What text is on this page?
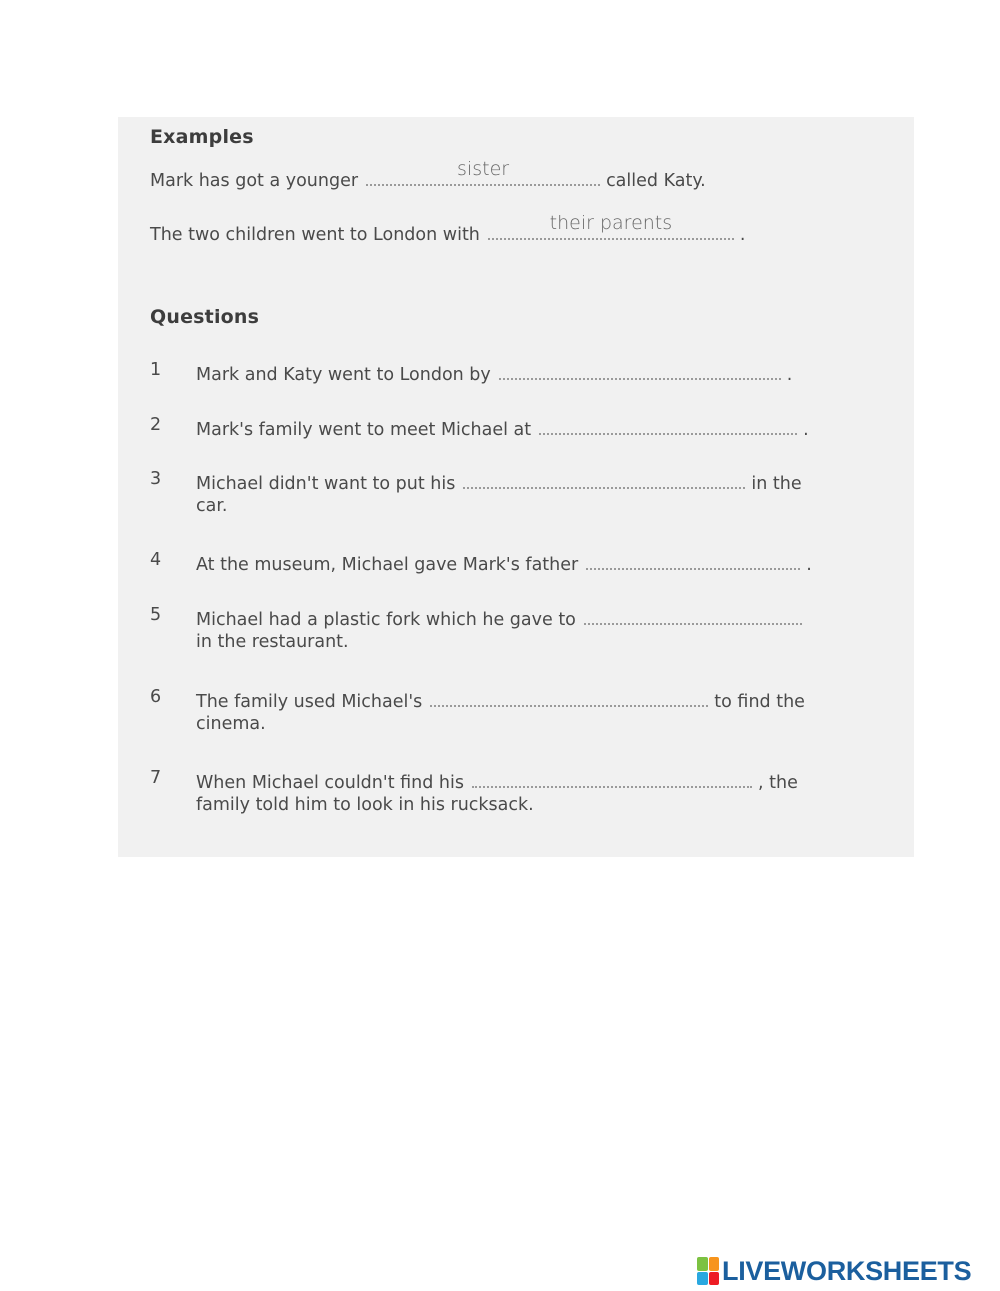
Examples
Mark has got a younger
sister
called Katy.
The two children went to London with
their parents
.
Questions
1 Mark and Katy went to London by	.
2 Mark's family went to meet Michael at	.
3 Michael didn't want to put his	in the
car.
4 At the museum, Michael gave Mark's father	.
5 Michael had a plastic fork which he gave to
in the restaurant.
6 The family used Michael's	to find the
cinema.
7 When Michael couldn't find his	, the
family told him to look in his rucksack.
LIVEWORKSHEETS
